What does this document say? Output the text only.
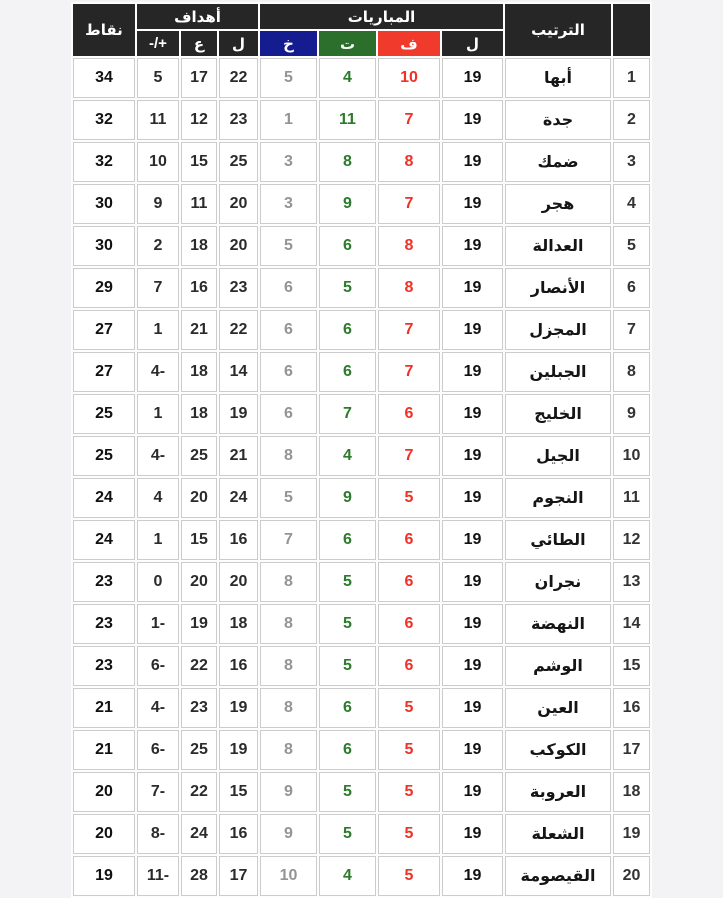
	الترتيب	المباريات				أهداف			نقاط
		ل	ف	ت	خ	ل	ع	+/-	
1	أبها	19	10	4	5	22	17	5	34
2	جدة	19	7	11	1	23	12	11	32
3	ضمك	19	8	8	3	25	15	10	32
4	هجر	19	7	9	3	20	11	9	30
5	العدالة	19	8	6	5	20	18	2	30
6	الأنصار	19	8	5	6	23	16	7	29
7	المجزل	19	7	6	6	22	21	1	27
8	الجبلين	19	7	6	6	14	18	-4	27
9	الخليج	19	6	7	6	19	18	1	25
10	الجيل	19	7	4	8	21	25	-4	25
11	النجوم	19	5	9	5	24	20	4	24
12	الطائي	19	6	6	7	16	15	1	24
13	نجران	19	6	5	8	20	20	0	23
14	النهضة	19	6	5	8	18	19	-1	23
15	الوشم	19	6	5	8	16	22	-6	23
16	العين	19	5	6	8	19	23	-4	21
17	الكوكب	19	5	6	8	19	25	-6	21
18	العروبة	19	5	5	9	15	22	-7	20
19	الشعلة	19	5	5	9	16	24	-8	20
20	القيصومة	19	5	4	10	17	28	-11	19
